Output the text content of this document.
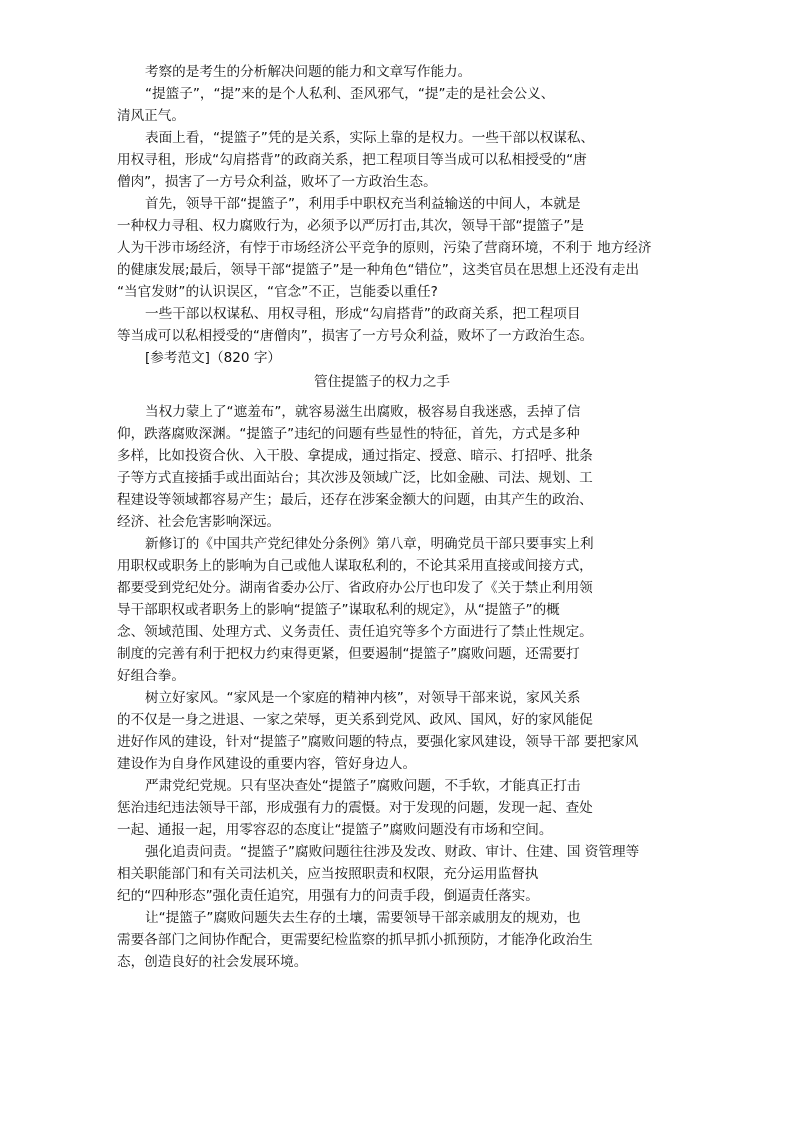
考察的是考生的分析解决问题的能力和文章写作能力。

“提篮子”，“提”来的是个人私利、歪风邪气，“提”走的是社会公义、

清风正气。

表面上看，“提篮子”凭的是关系，实际上靠的是权力。一些干部以权谋私、

用权寻租，形成“勾肩搭背”的政商关系，把工程项目等当成可以私相授受的“唐

僧肉”，损害了一方号众利益，败坏了一方政治生态。

首先，领导干部“提篮子”，利用手中职权充当利益输送的中间人，本就是

一种权力寻租、权力腐败行为，必须予以严厉打击,其次，领导干部“提篮子”是

人为干涉市场经济，有悖于市场经济公平竞争的原则，污染了营商环境，不利于 地方经济

的健康发展;最后，领导干部“提篮子”是一种角色“错位”，这类官员在思想上还没有走出

“当官发财”的认识误区，“官念”不正，岂能委以重任?

一些干部以权谋私、用权寻租，形成“勾肩搭背”的政商关系，把工程项目

等当成可以私相授受的“唐僧肉”，损害了一方号众利益，败坏了一方政治生态。

[参考范文]（820 字）

管住提篮子的权力之手

当权力蒙上了“遮羞布”，就容易滋生出腐败，极容易自我迷惑，丢掉了信

仰，跌落腐败深渊。“提篮子”违纪的问题有些显性的特征，首先，方式是多种

多样，比如投资合伙、入干股、拿提成，通过指定、授意、暗示、打招呼、批条

子等方式直接插手或出面站台；其次涉及领域广泛，比如金融、司法、规划、工

程建设等领域都容易产生；最后，还存在涉案金额大的问题，由其产生的政治、

经济、社会危害影响深远。

新修订的《中国共产党纪律处分条例》第八章，明确党员干部只要事实上利

用职权或职务上的影响为自己或他人谋取私利的，不论其采用直接或间接方式，

都要受到党纪处分。湖南省委办公厅、省政府办公厅也印发了《关于禁止利用领

导干部职权或者职务上的影响“提篮子”谋取私利的规定》，从“提篮子”的概

念、领域范围、处理方式、义务责任、责任追究等多个方面进行了禁止性规定。

制度的完善有利于把权力约束得更紧，但要遏制“提篮子”腐败问题，还需要打

好组合拳。

树立好家风。“家风是一个家庭的精神内核”，对领导干部来说，家风关系

的不仅是一身之进退、一家之荣辱，更关系到党风、政风、国风，好的家风能促

进好作风的建设，针对“提篮子”腐败问题的特点，要强化家风建设，领导干部 要把家风

建设作为自身作风建设的重要内容，管好身边人。

严肃党纪党规。只有坚决查处“提篮子”腐败问题，不手软，才能真正打击

惩治违纪违法领导干部，形成强有力的震慑。对于发现的问题，发现一起、查处

一起、通报一起，用零容忍的态度让“提篮子”腐败问题没有市场和空间。

强化追责问责。“提篮子”腐败问题往往涉及发改、财政、审计、住建、国 资管理等

相关职能部门和有关司法机关，应当按照职责和权限，充分运用监督执

纪的“四种形态”强化责任追究，用强有力的问责手段，倒逼责任落实。

让“提篮子”腐败问题失去生存的土壤，需要领导干部亲戚朋友的规劝，也

需要各部门之间协作配合，更需要纪检监察的抓早抓小抓预防，才能净化政治生

态，创造良好的社会发展环境。
